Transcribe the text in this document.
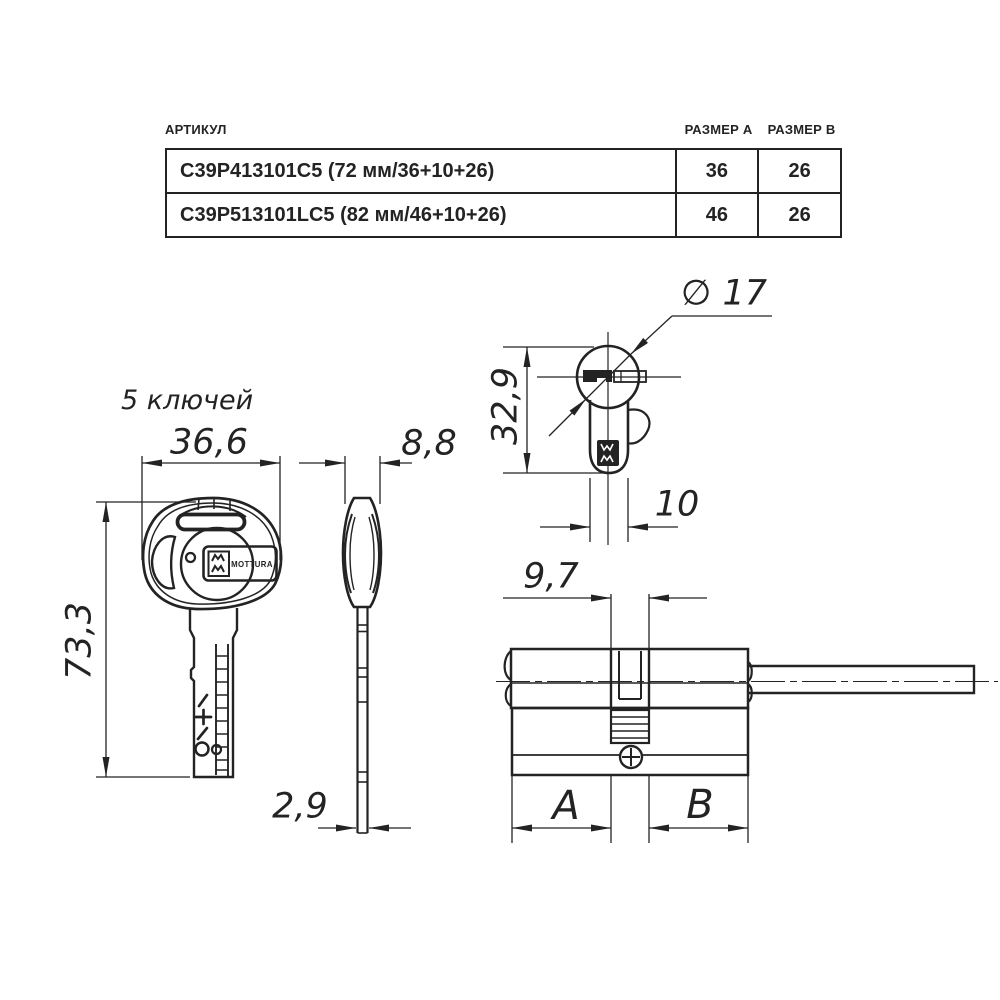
АРТИКУЛ	РАЗМЕР A	РАЗМЕР B
C39P413101C5 (72 мм/36+10+26)	36	26
C39P513101LC5 (82 мм/46+10+26)	46	26
5 ключей
36,6	8,8
73,3
2,9
∅ 17
32,9
10
9,7
A	B
MOTTURA
